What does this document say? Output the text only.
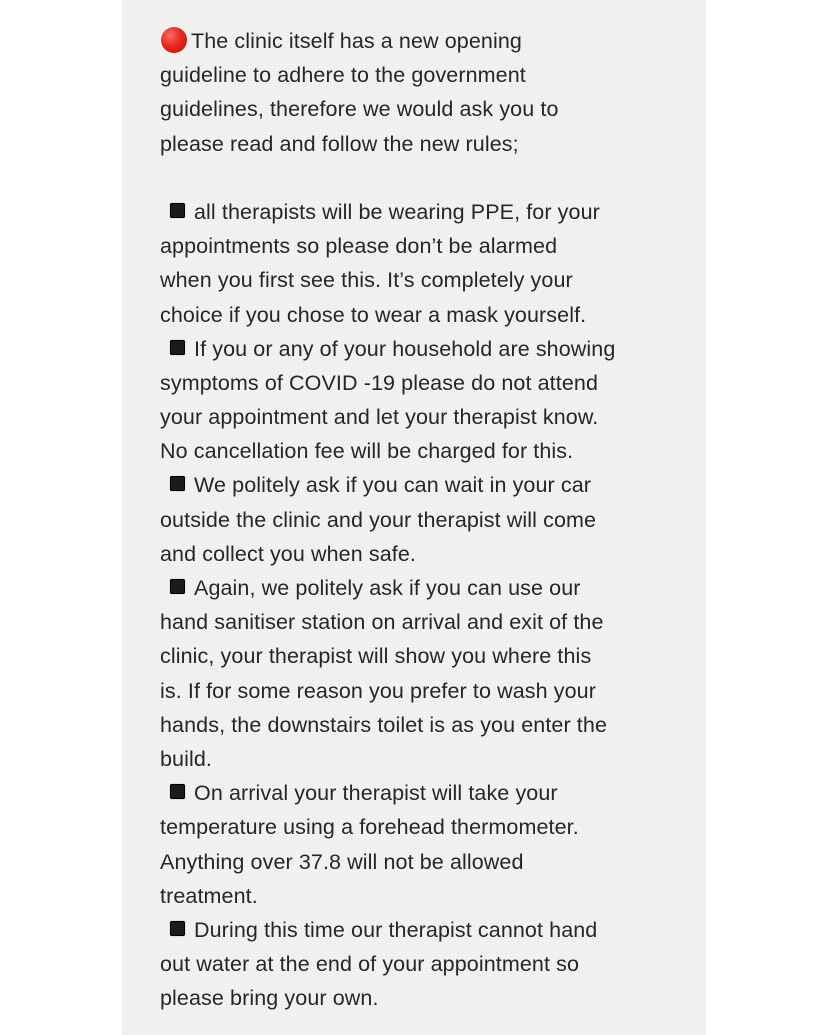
The clinic itself has a new opening
guideline to adhere to the government
guidelines, therefore we would ask you to
please read and follow the new rules;
all therapists will be wearing PPE, for your
appointments so please don’t be alarmed
when you first see this. It’s completely your
choice if you chose to wear a mask yourself.
If you or any of your household are showing
symptoms of COVID -19 please do not attend
your appointment and let your therapist know.
No cancellation fee will be charged for this.
We politely ask if you can wait in your car
outside the clinic and your therapist will come
and collect you when safe.
Again, we politely ask if you can use our
hand sanitiser station on arrival and exit of the
clinic, your therapist will show you where this
is. If for some reason you prefer to wash your
hands, the downstairs toilet is as you enter the
build.
On arrival your therapist will take your
temperature using a forehead thermometer.
Anything over 37.8 will not be allowed
treatment.
During this time our therapist cannot hand
out water at the end of your appointment so
please bring your own.
